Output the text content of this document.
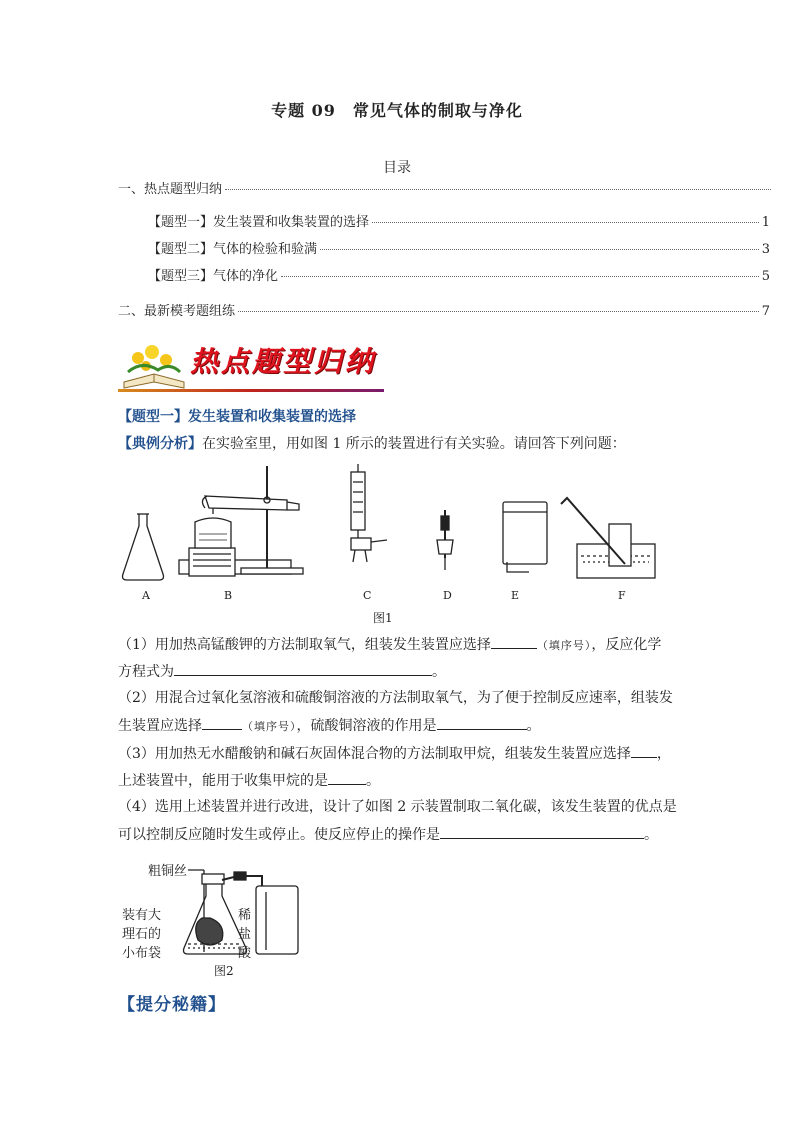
专题 09　常见气体的制取与净化
目录
一、热点题型归纳
【题型一】发生装置和收集装置的选择	1
【题型二】气体的检验和验满	3
【题型三】气体的净化	5
二、最新模考题组练	7
热点题型归纳
【题型一】发生装置和收集装置的选择
【典例分析】在实验室里，用如图 1 所示的装置进行有关实验。请回答下列问题：
A	B	C	D	E	F
图1
（1）用加热高锰酸钾的方法制取氧气，组装发生装置应选择	（填序号），反应化学
方程式为	。
（2）用混合过氧化氢溶液和硫酸铜溶液的方法制取氧气，为了便于控制反应速率，组装发
生装置应选择	（填序号），硫酸铜溶液的作用是	。
（3）用加热无水醋酸钠和碱石灰固体混合物的方法制取甲烷，组装发生装置应选择 ，
上述装置中，能用于收集甲烷的是	。
（4）选用上述装置并进行改进，设计了如图 2 示装置制取二氧化碳，该发生装置的优点是
可以控制反应随时发生或停止。使反应停止的操作是	。
粗铜丝
装有大
理石的
小布袋
稀
盐
酸
图2
【提分秘籍】
